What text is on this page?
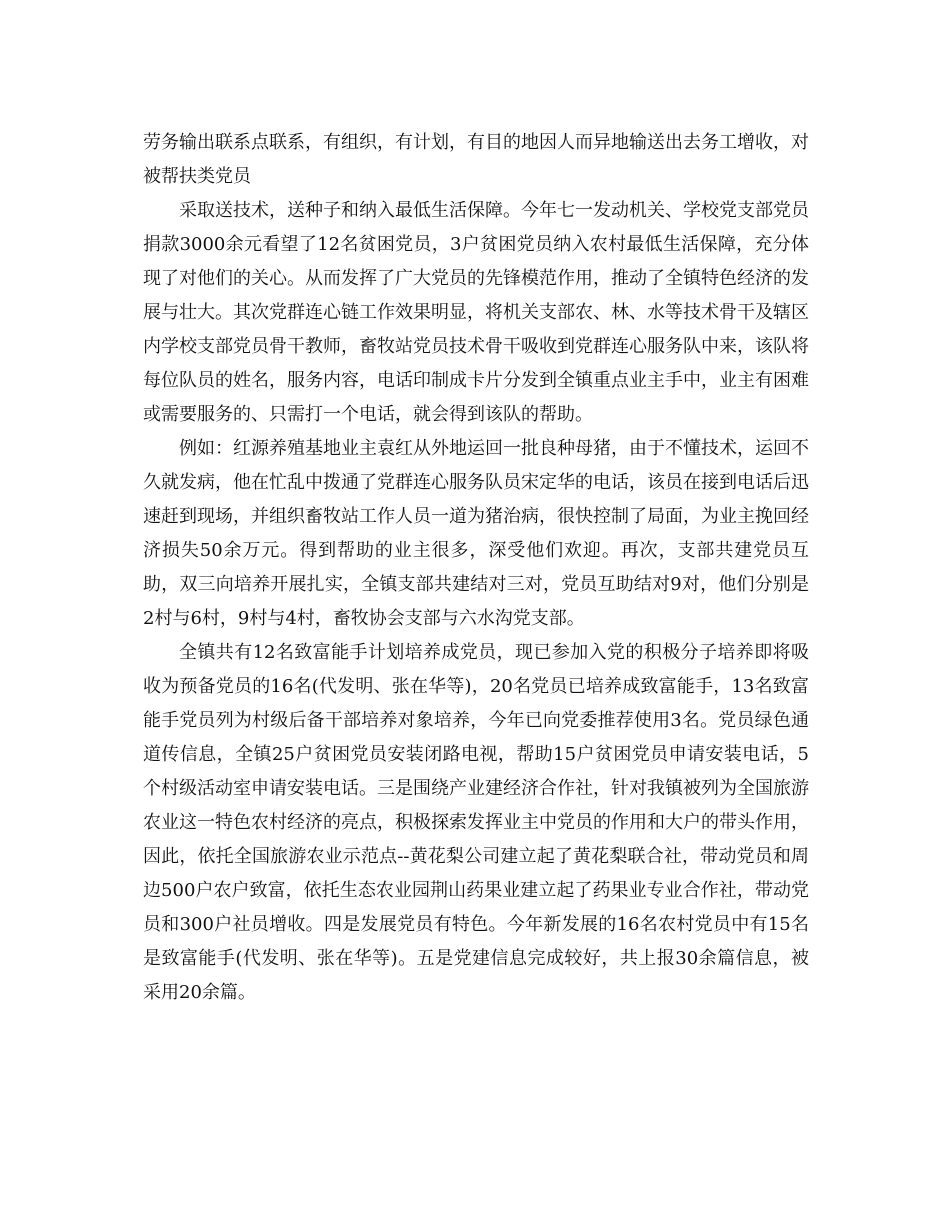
劳务输出联系点联系，有组织，有计划，有目的地因人而异地输送出去务工增收，对被帮扶类党员

采取送技术，送种子和纳入最低生活保障。今年七一发动机关、学校党支部党员捐款3000余元看望了12名贫困党员，3户贫困党员纳入农村最低生活保障，充分体现了对他们的关心。从而发挥了广大党员的先锋模范作用，推动了全镇特色经济的发展与壮大。其次党群连心链工作效果明显，将机关支部农、林、水等技术骨干及辖区内学校支部党员骨干教师，畜牧站党员技术骨干吸收到党群连心服务队中来，该队将每位队员的姓名，服务内容，电话印制成卡片分发到全镇重点业主手中，业主有困难或需要服务的、只需打一个电话，就会得到该队的帮助。

例如：红源养殖基地业主袁红从外地运回一批良种母猪，由于不懂技术，运回不久就发病，他在忙乱中拨通了党群连心服务队员宋定华的电话，该员在接到电话后迅速赶到现场，并组织畜牧站工作人员一道为猪治病，很快控制了局面，为业主挽回经济损失50余万元。得到帮助的业主很多，深受他们欢迎。再次，支部共建党员互助，双三向培养开展扎实，全镇支部共建结对三对，党员互助结对9对，他们分别是2村与6村，9村与4村，畜牧协会支部与六水沟党支部。

全镇共有12名致富能手计划培养成党员，现已参加入党的积极分子培养即将吸收为预备党员的16名(代发明、张在华等)，20名党员已培养成致富能手，13名致富能手党员列为村级后备干部培养对象培养，今年已向党委推荐使用3名。党员绿色通道传信息，全镇25户贫困党员安装闭路电视，帮助15户贫困党员申请安装电话，5个村级活动室申请安装电话。三是围绕产业建经济合作社，针对我镇被列为全国旅游农业这一特色农村经济的亮点，积极探索发挥业主中党员的作用和大户的带头作用，因此，依托全国旅游农业示范点--黄花梨公司建立起了黄花梨联合社，带动党员和周边500户农户致富，依托生态农业园荆山药果业建立起了药果业专业合作社，带动党员和300户社员增收。四是发展党员有特色。今年新发展的16名农村党员中有15名是致富能手(代发明、张在华等)。五是党建信息完成较好，共上报30余篇信息，被采用20余篇。
